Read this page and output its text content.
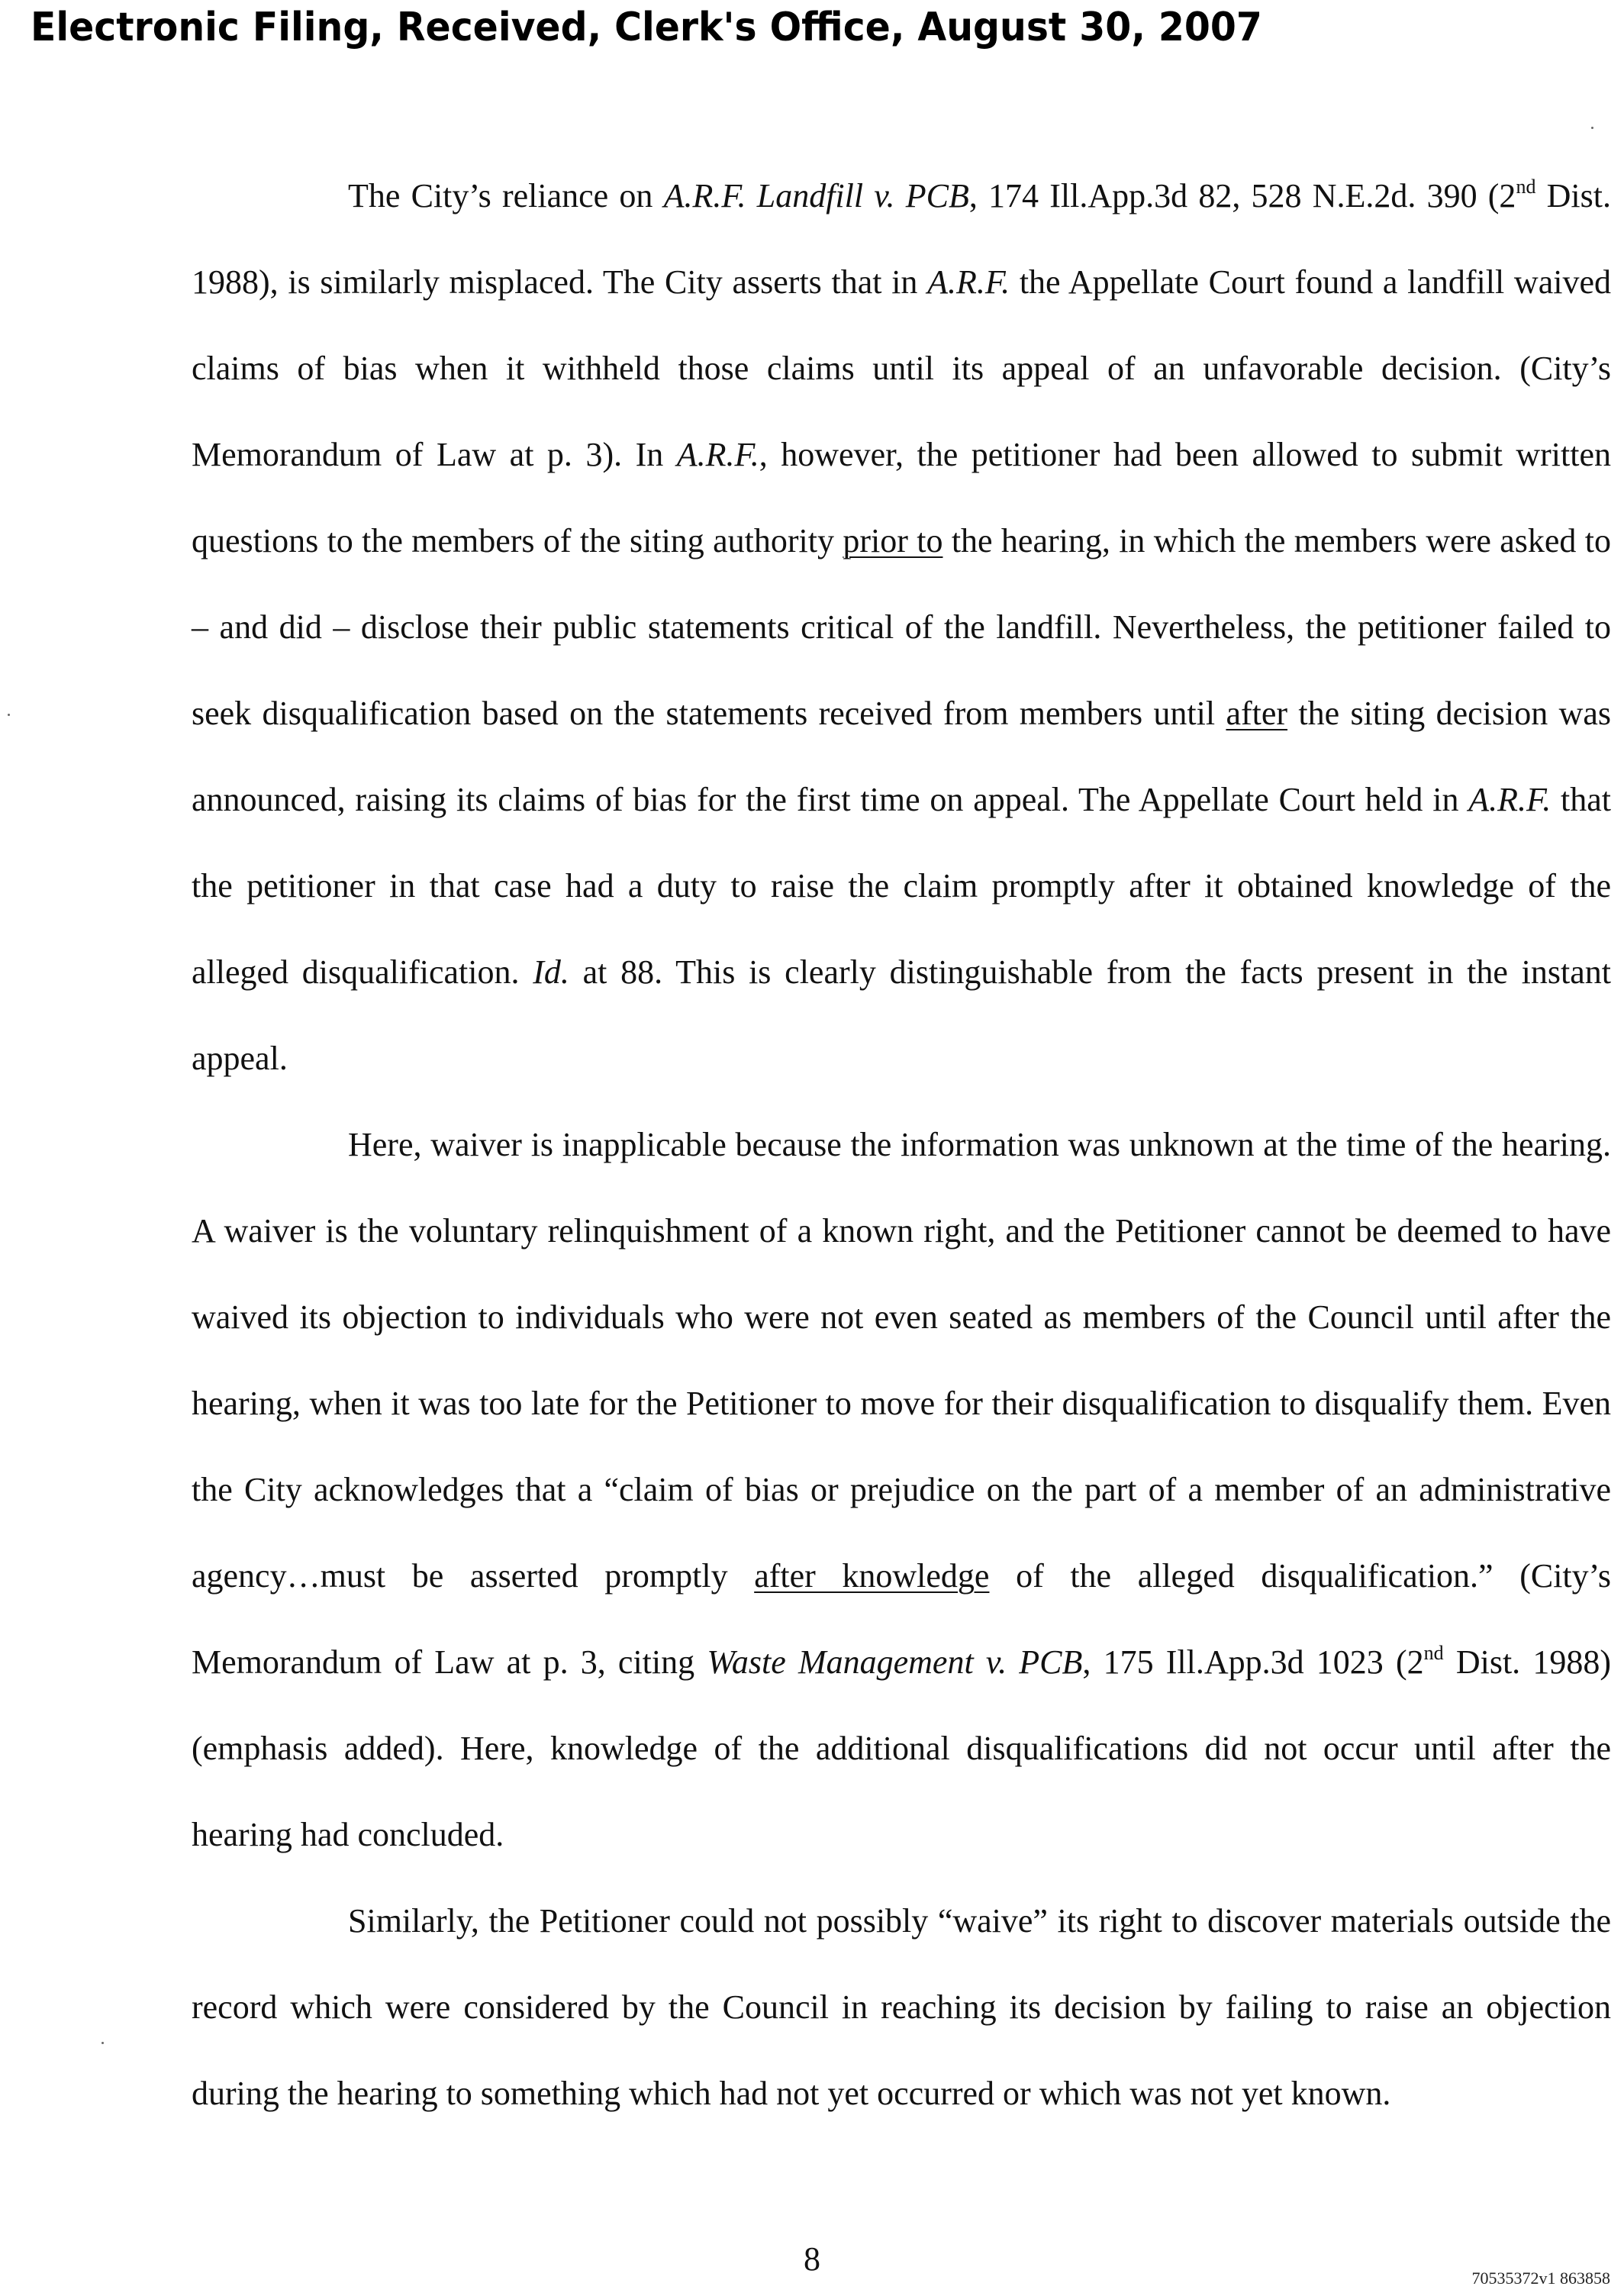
Electronic Filing, Received, Clerk's Office, August 30, 2007

The City’s reliance on A.R.F. Landfill v. PCB, 174 Ill.App.3d 82, 528 N.E.2d. 390 (2nd Dist. 1988), is similarly misplaced. The City asserts that in A.R.F. the Appellate Court found a landfill waived claims of bias when it withheld those claims until its appeal of an unfavorable decision. (City’s Memorandum of Law at p. 3). In A.R.F., however, the petitioner had been allowed to submit written questions to the members of the siting authority prior to the hearing, in which the members were asked to – and did – disclose their public statements critical of the landfill. Nevertheless, the petitioner failed to seek disqualification based on the statements received from members until after the siting decision was announced, raising its claims of bias for the first time on appeal. The Appellate Court held in A.R.F. that the petitioner in that case had a duty to raise the claim promptly after it obtained knowledge of the alleged disqualification. Id. at 88. This is clearly distinguishable from the facts present in the instant appeal.

Here, waiver is inapplicable because the information was unknown at the time of the hearing. A waiver is the voluntary relinquishment of a known right, and the Petitioner cannot be deemed to have waived its objection to individuals who were not even seated as members of the Council until after the hearing, when it was too late for the Petitioner to move for their disqualification to disqualify them. Even the City acknowledges that a “claim of bias or prejudice on the part of a member of an administrative agency…must be asserted promptly after knowledge of the alleged disqualification.” (City’s Memorandum of Law at p. 3, citing Waste Management v. PCB, 175 Ill.App.3d 1023 (2nd Dist. 1988)(emphasis added). Here, knowledge of the additional disqualifications did not occur until after the hearing had concluded.

Similarly, the Petitioner could not possibly “waive” its right to discover materials outside the record which were considered by the Council in reaching its decision by failing to raise an objection during the hearing to something which had not yet occurred or which was not yet known.

8
70535372v1 863858
